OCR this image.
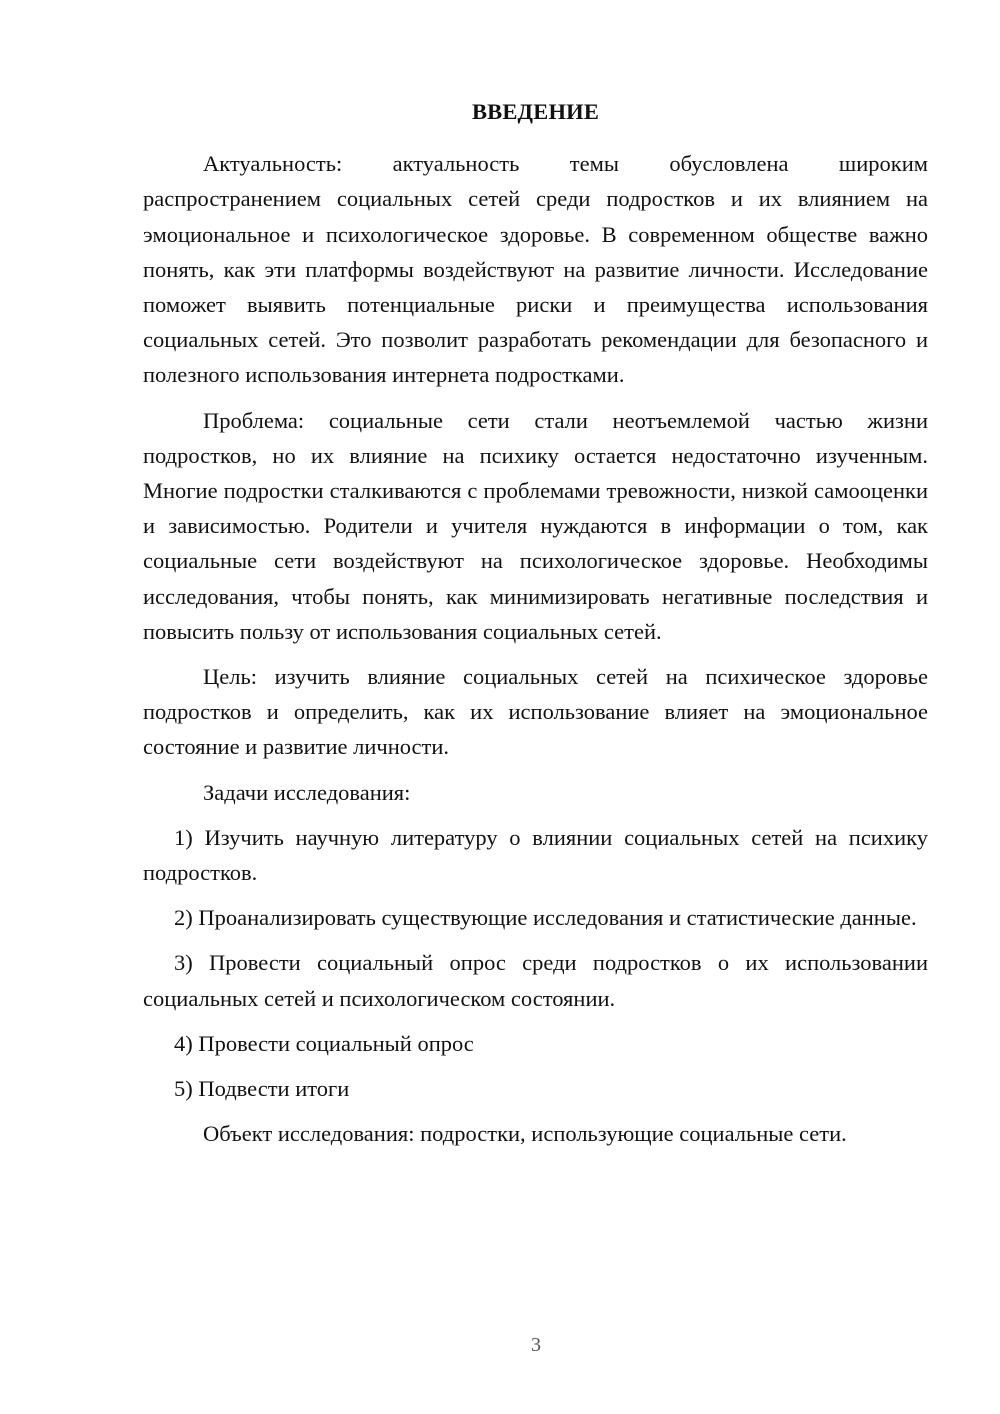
ВВЕДЕНИЕ

Актуальность: актуальность темы обусловлена широким распространением социальных сетей среди подростков и их влиянием на эмоциональное и психологическое здоровье. В современном обществе важно понять, как эти платформы воздействуют на развитие личности. Исследование поможет выявить потенциальные риски и преимущества использования социальных сетей. Это позволит разработать рекомендации для безопасного и полезного использования интернета подростками.

Проблема: социальные сети стали неотъемлемой частью жизни подростков, но их влияние на психику остается недостаточно изученным. Многие подростки сталкиваются с проблемами тревожности, низкой самооценки и зависимостью. Родители и учителя нуждаются в информации о том, как социальные сети воздействуют на психологическое здоровье. Необходимы исследования, чтобы понять, как минимизировать негативные последствия и повысить пользу от использования социальных сетей.

Цель: изучить влияние социальных сетей на психическое здоровье подростков и определить, как их использование влияет на эмоциональное состояние и развитие личности.

Задачи исследования:

1) Изучить научную литературу о влиянии социальных сетей на психику подростков.

2) Проанализировать существующие исследования и статистические данные.

3) Провести социальный опрос среди подростков о их использовании социальных сетей и психологическом состоянии.

4) Провести социальный опрос

5) Подвести итоги

Объект исследования: подростки, использующие социальные сети.

3
